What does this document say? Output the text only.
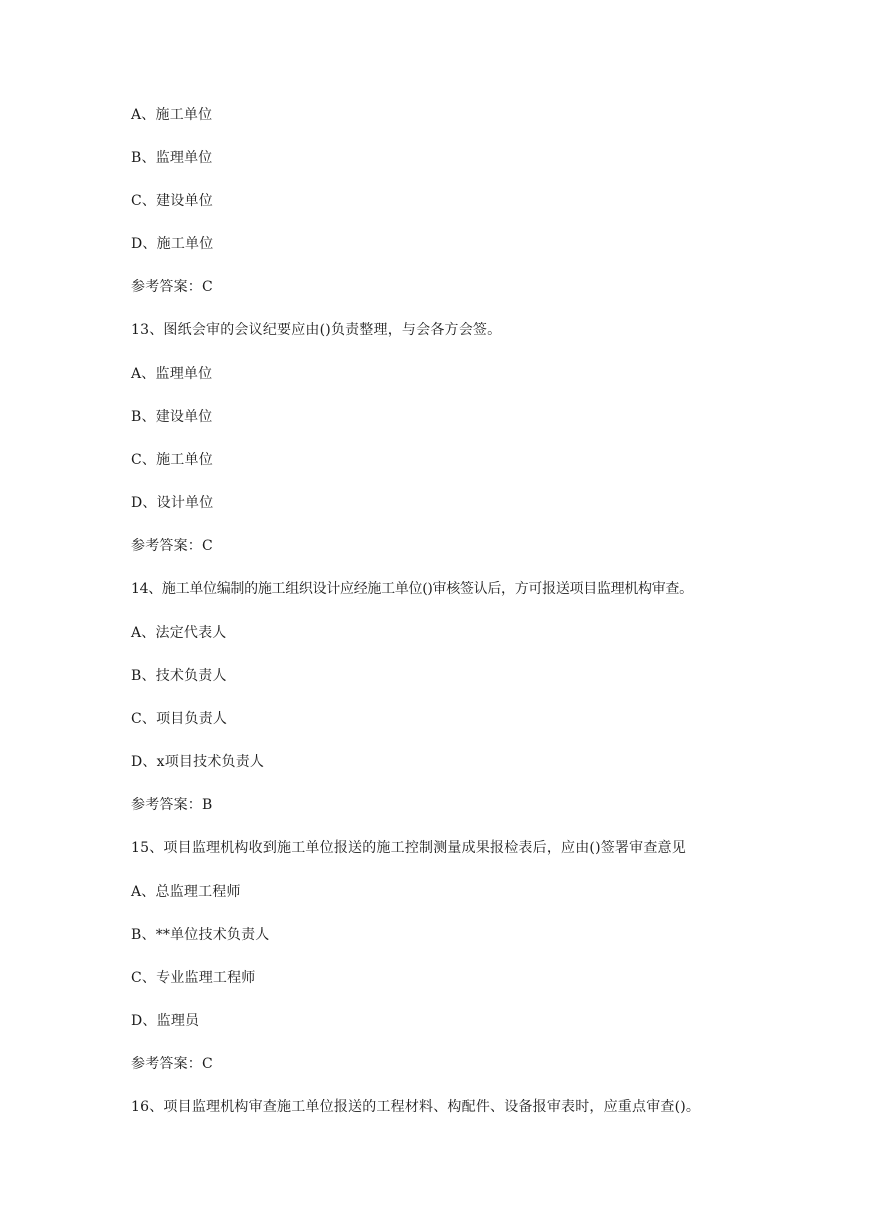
A、施工单位
B、监理单位
C、建设单位
D、施工单位
参考答案：C
13、图纸会审的会议纪要应由()负责整理，与会各方会签。
A、监理单位
B、建设单位
C、施工单位
D、设计单位
参考答案：C
14、施工单位编制的施工组织设计应经施工单位()审核签认后，方可报送项目监理机构审查。
A、法定代表人
B、技术负责人
C、项目负责人
D、x项目技术负责人
参考答案：B
15、项目监理机构收到施工单位报送的施工控制测量成果报检表后，应由()签署审查意见
A、总监理工程师
B、**单位技术负责人
C、专业监理工程师
D、监理员
参考答案：C
16、项目监理机构审查施工单位报送的工程材料、构配件、设备报审表时，应重点审查()。
